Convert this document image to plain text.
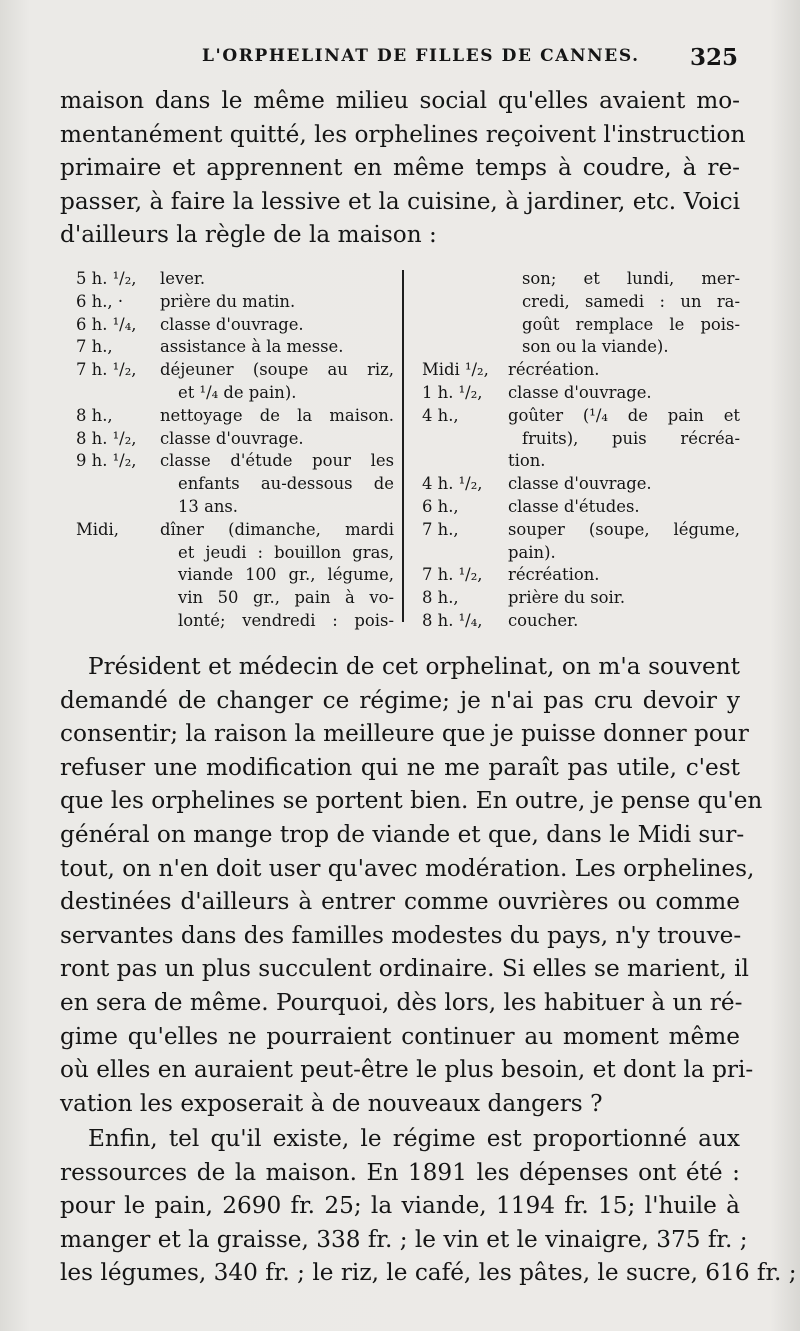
L'ORPHELINAT DE FILLES DE CANNES. 325

maison dans le même milieu social qu'elles avaient mo-
mentanément quitté, les orphelines reçoivent l'instruction
primaire et apprennent en même temps à coudre, à re-
passer, à faire la lessive et la cuisine, à jardiner, etc. Voici
d'ailleurs la règle de la maison :

5 h. ¹/₂,	lever.
6 h., ·	prière du matin.
6 h. ¹/₄,	classe d'ouvrage.
7 h.,	assistance à la messe.
7 h. ¹/₂,	déjeuner (soupe au riz,
et ¹/₄ de pain).
8 h.,	nettoyage de la maison.
8 h. ¹/₂,	classe d'ouvrage.
9 h. ¹/₂,	classe d'étude pour les
enfants au-dessous de
13 ans.
Midi,	dîner (dimanche, mardi
et jeudi : bouillon gras,
viande 100 gr., légume,
vin 50 gr., pain à vo-
lonté; vendredi : pois-
son; et lundi, mer-
credi, samedi : un ra-
goût remplace le pois-
son ou la viande).
Midi ¹/₂,	récréation.
1 h. ¹/₂,	classe d'ouvrage.
4 h.,	goûter (¹/₄ de pain et
fruits), puis récréa-
tion.
4 h. ¹/₂,	classe d'ouvrage.
6 h.,	classe d'études.
7 h.,	souper (soupe, légume,
pain).
7 h. ¹/₂,	récréation.
8 h.,	prière du soir.
8 h. ¹/₄,	coucher.

Président et médecin de cet orphelinat, on m'a souvent
demandé de changer ce régime; je n'ai pas cru devoir y
consentir; la raison la meilleure que je puisse donner pour
refuser une modification qui ne me paraît pas utile, c'est
que les orphelines se portent bien. En outre, je pense qu'en
général on mange trop de viande et que, dans le Midi sur-
tout, on n'en doit user qu'avec modération. Les orphelines,
destinées d'ailleurs à entrer comme ouvrières ou comme
servantes dans des familles modestes du pays, n'y trouve-
ront pas un plus succulent ordinaire. Si elles se marient, il
en sera de même. Pourquoi, dès lors, les habituer à un ré-
gime qu'elles ne pourraient continuer au moment même
où elles en auraient peut-être le plus besoin, et dont la pri-
vation les exposerait à de nouveaux dangers ?

Enfin, tel qu'il existe, le régime est proportionné aux
ressources de la maison. En 1891 les dépenses ont été :
pour le pain, 2690 fr. 25; la viande, 1194 fr. 15; l'huile à
manger et la graisse, 338 fr. ; le vin et le vinaigre, 375 fr. ;
les légumes, 340 fr. ; le riz, le café, les pâtes, le sucre, 616 fr. ;
